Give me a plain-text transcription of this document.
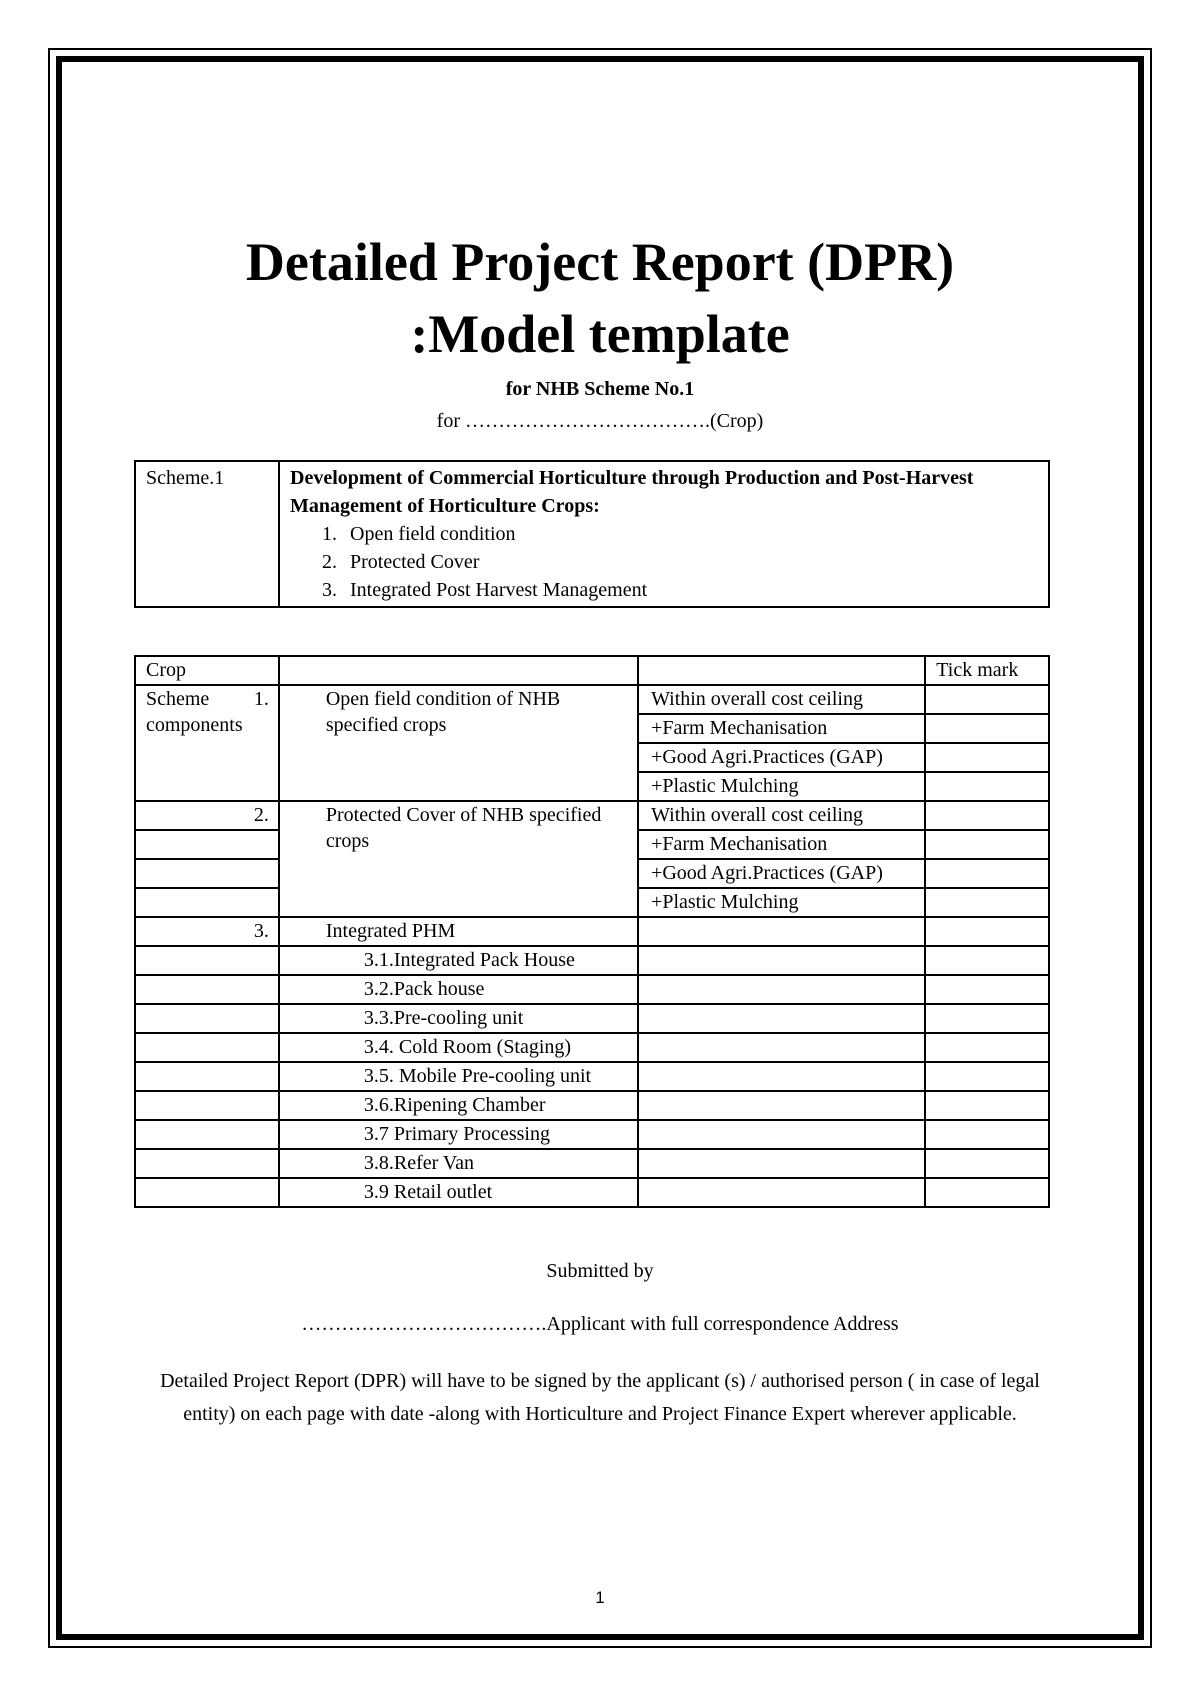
Detailed Project Report (DPR)
:Model template
for NHB Scheme No.1
for ……………………………….(Crop)
Scheme.1	Development of Commercial Horticulture through Production and Post-Harvest Management of Horticulture Crops:
1. Open field condition
2. Protected Cover
3. Integrated Post Harvest Management
Crop			Tick mark
Scheme components	1. Open field condition of NHB specified crops	Within overall cost ceiling	
		+Farm Mechanisation	
		+Good Agri.Practices (GAP)	
		+Plastic Mulching	
	2. Protected Cover of NHB specified crops	Within overall cost ceiling	
		+Farm Mechanisation	
		+Good Agri.Practices (GAP)	
		+Plastic Mulching	
	3. Integrated PHM		
	3.1.Integrated Pack House		
	3.2.Pack house		
	3.3.Pre-cooling unit		
	3.4. Cold Room (Staging)		
	3.5. Mobile Pre-cooling unit		
	3.6.Ripening Chamber		
	3.7 Primary Processing		
	3.8.Refer Van		
	3.9 Retail outlet		
Submitted by
……………………………….Applicant with full correspondence Address

Detailed Project Report (DPR) will have to be signed by the applicant (s) / authorised person ( in case of legal entity) on each page with date -along with Horticulture and Project Finance Expert wherever applicable.

1
